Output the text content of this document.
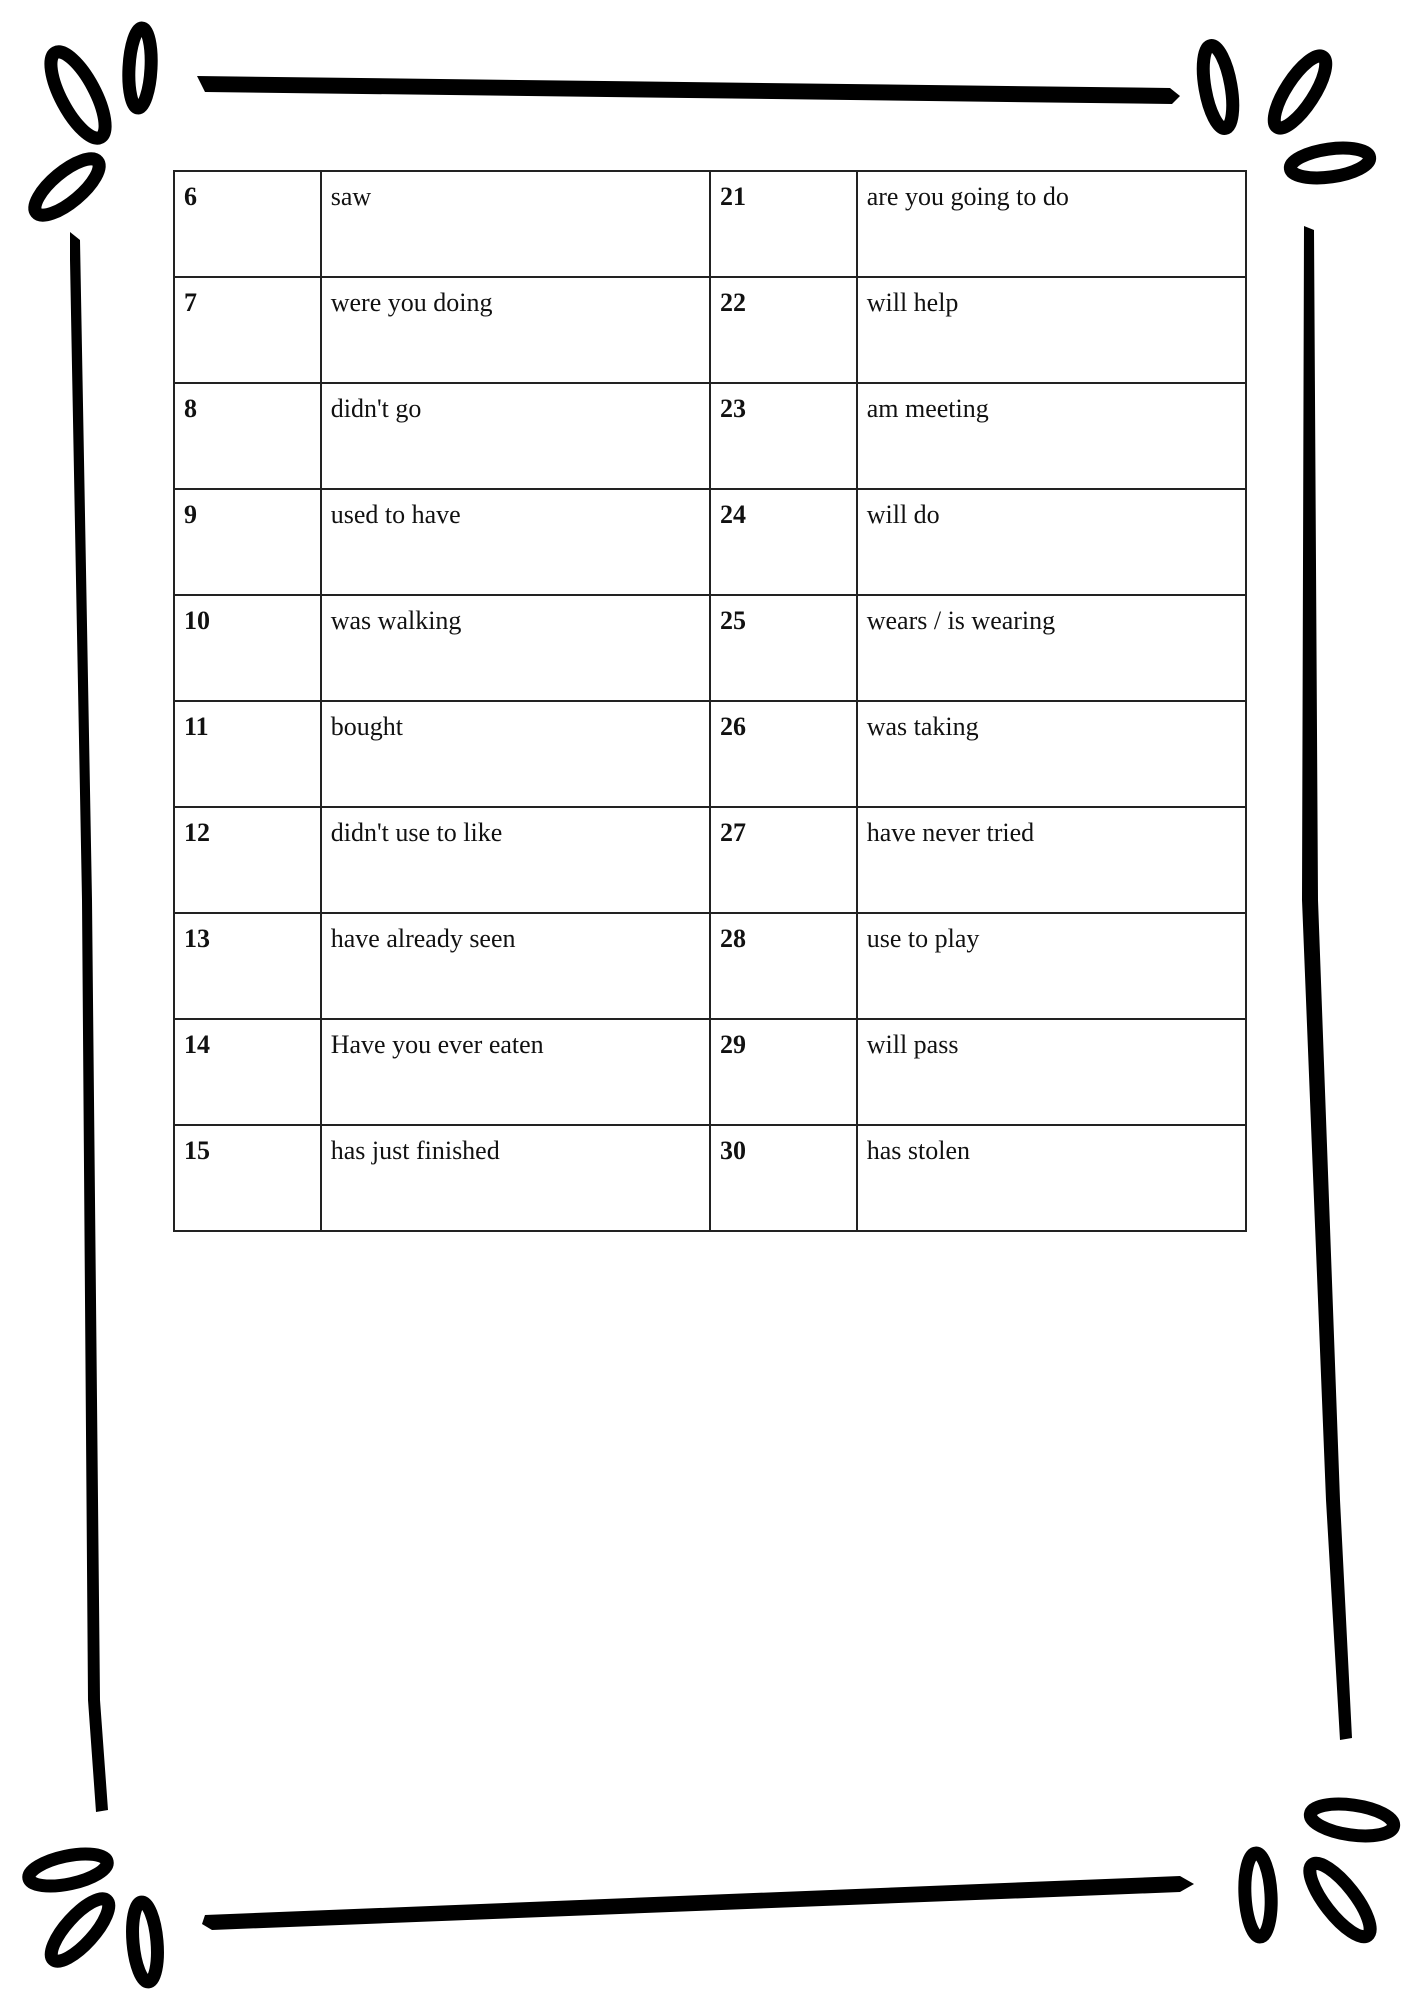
6	saw	21	are you going to do
7	were you doing	22	will help
8	didn't go	23	am meeting
9	used to have	24	will do
10	was walking	25	wears / is wearing
11	bought	26	was taking
12	didn't use to like	27	have never tried
13	have already seen	28	use to play
14	Have you ever eaten	29	will pass
15	has just finished	30	has stolen
